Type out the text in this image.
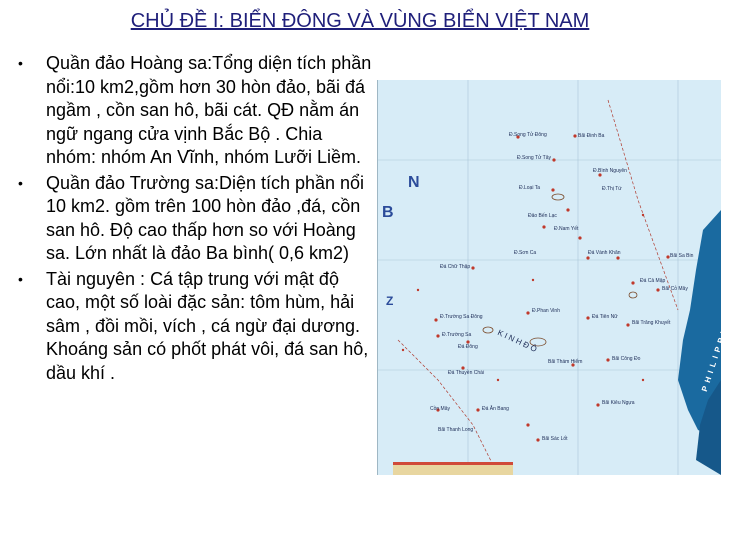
CHỦ ĐỀ I: BIỂN ĐÔNG VÀ VÙNG BIỂN VIỆT NAM
• Quần đảo Hoàng sa:Tổng diện tích phần nổi:10 km2,gồm hơn 30 hòn đảo, bãi đá ngầm , cồn san hô, bãi cát. QĐ nằm án ngữ ngang cửa vịnh Bắc Bộ . Chia nhóm: nhóm An Vĩnh, nhóm Lưỡi Liềm.
• Quần đảo Trường sa:Diện tích phần nổi 10 km2. gồm trên 100 hòn đảo ,đá, cồn san hô. Độ cao thấp hơn so với Hoàng sa. Lớn nhất là đảo Ba bình( 0,6 km2)
• Tài nguyên : Cá tập trung với mật độ cao, một số loài đặc sản: tôm hùm, hải sâm , đồi mồi, vích , cá ngừ đại dương. Khoáng sản có phốt phát vôi, đá san hô, dầu khí .
N
B
Z
K I N H Đ Ô	P H I L I P P I N
Đ.Song Tử Đông	Bãi Đinh Ba
Đ.Bình Nguyên
Đ.Song Tử Tây
Đ.Loại Ta	Đ.Thị Tứ
Đảo Bến Lạc
Đ.Nam Yết
Đ.Sơn Ca
Đá Chữ Thập
Đá Vành Khăn	Bãi Sa Bin
Đá Cả Mập
Bãi Cỏ Mây
Đ.Trường Sa Đông
Đ.Phan Vinh
Đá Tiên Nữ
Bãi Trăng Khuyết
Đ.Trường Sa
Đá Đông
Đá Thuyền Chài
Bãi Thám Hiểm	Bãi Công Đo
Bãi Kiêu Ngựa
Đá Ân Bang
Bãi Thanh Long
Bãi Sác Lốt
Cồn Mây
